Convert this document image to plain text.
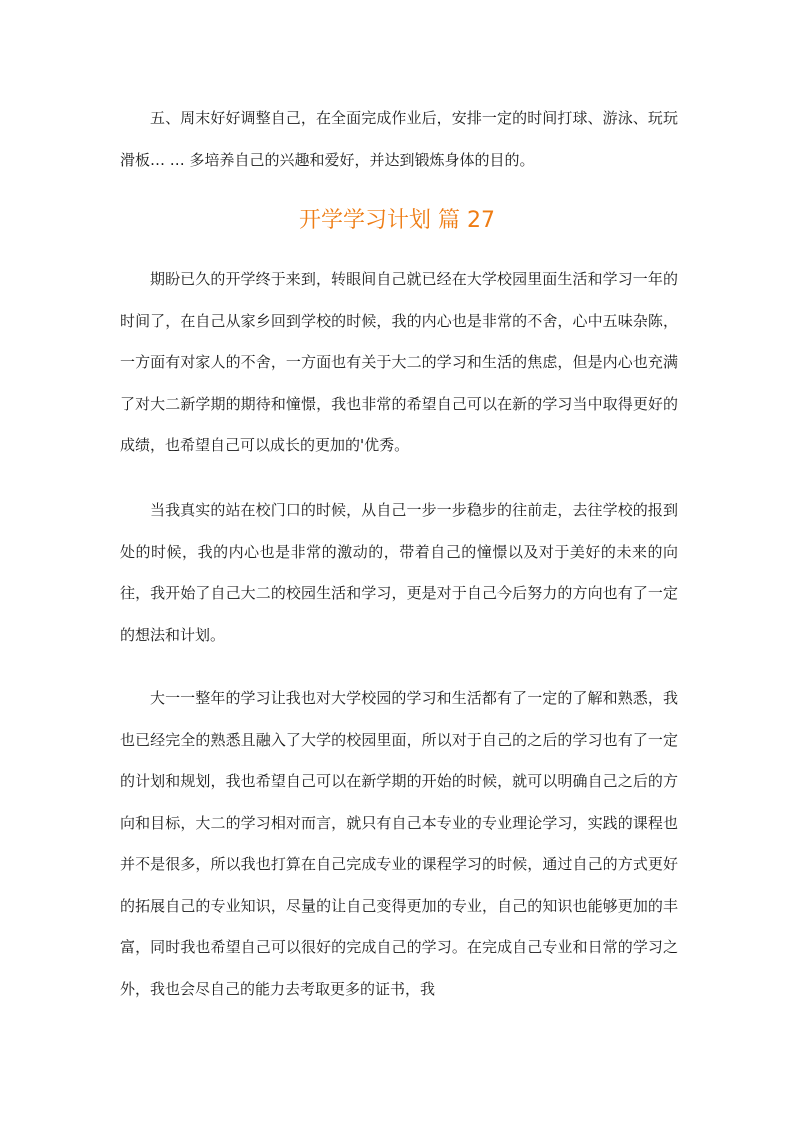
五、周末好好调整自己，在全面完成作业后，安排一定的时间打球、游泳、玩玩滑板… … 多培养自己的兴趣和爱好，并达到锻炼身体的目的。

开学学习计划 篇 27

期盼已久的开学终于来到，转眼间自己就已经在大学校园里面生活和学习一年的时间了，在自己从家乡回到学校的时候，我的内心也是非常的不舍，心中五味杂陈，一方面有对家人的不舍，一方面也有关于大二的学习和生活的焦虑，但是内心也充满了对大二新学期的期待和憧憬，我也非常的希望自己可以在新的学习当中取得更好的成绩，也希望自己可以成长的更加的'优秀。

当我真实的站在校门口的时候，从自己一步一步稳步的往前走，去往学校的报到处的时候，我的内心也是非常的激动的，带着自己的憧憬以及对于美好的未来的向往，我开始了自己大二的校园生活和学习，更是对于自己今后努力的方向也有了一定的想法和计划。

大一一整年的学习让我也对大学校园的学习和生活都有了一定的了解和熟悉，我也已经完全的熟悉且融入了大学的校园里面，所以对于自己的之后的学习也有了一定的计划和规划，我也希望自己可以在新学期的开始的时候，就可以明确自己之后的方向和目标，大二的学习相对而言，就只有自己本专业的专业理论学习，实践的课程也并不是很多，所以我也打算在自己完成专业的课程学习的时候，通过自己的方式更好的拓展自己的专业知识，尽量的让自己变得更加的专业，自己的知识也能够更加的丰富，同时我也希望自己可以很好的完成自己的学习。在完成自己专业和日常的学习之外，我也会尽自己的能力去考取更多的证书，我
